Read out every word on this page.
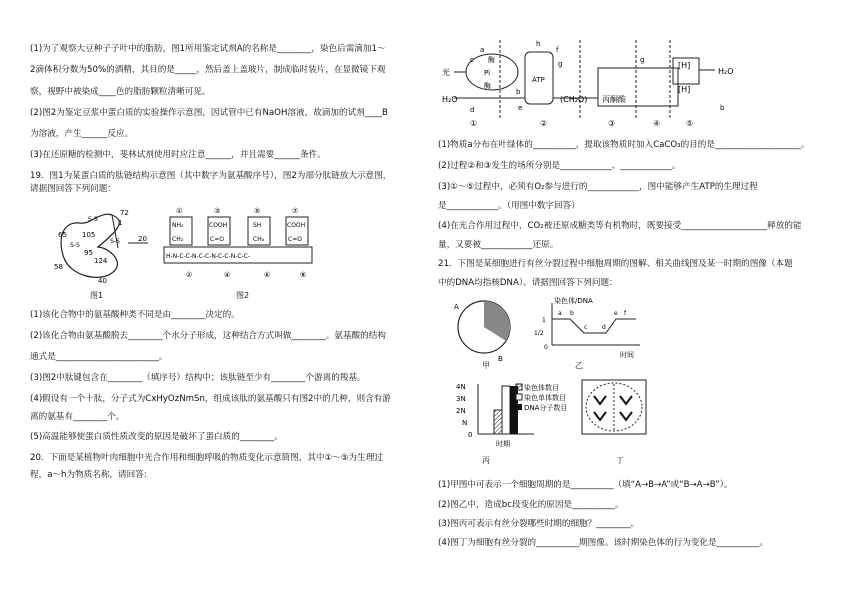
(1)为了观察大豆种子子叶中的脂肪，图1所用鉴定试剂A的名称是________，染色后需滴加1～
2滴体积分数为50%的酒精，其目的是_____，然后盖上盖玻片，制成临时装片，在显微镜下观
察，视野中被染成____色的脂肪颗粒清晰可见。
(2)图2为鉴定豆浆中蛋白质的实验操作示意图，因试管中已有NaOH溶液，故滴加的试剂____B
为溶液，产生______反应。
(3)在还原糖的检测中，斐林试剂使用时应注意______，并且需要______条件。
19．图1为某蛋白质的肽链结构示意图（其中数字为氨基酸序号），图2为部分肽链放大示意图，
请据图回答下列问题：
72
1
65 105	20
95
124
58
40
S-S
S-S
S-S
图1
①	③	⑤	⑦
NH₂	COOH	SH	COOH
CH₂	C=O	CH₃	C=O
H-N-C-C-N-C-C-N-C-C-N-C-C-
②	④	⑥	⑧
图2
(1)该化合物中的氨基酸种类不同是由________决定的。
(2)该化合物由氨基酸脱去________个水分子形成，这种结合方式叫做________。氨基酸的结构
通式是________________________。
(3)图2中肽键包含在________（填序号）结构中；该肽链至少有________个游离的羧基。
(4)假设有一个十肽，分子式为CxHyOzNmSn，组成该肽的氨基酸只有图2中的几种，则含有游
离的氨基有________个。
(5)高温能够使蛋白质性质改变的原因是破坏了蛋白质的________。
20．下面是某植物叶肉细胞中光合作用和细胞呼吸的物质变化示意简图，其中①～⑤为生理过
程，a～h为物质名称，请回答:
光
H₂O
Pi
酶
酶
(CH₂O) 丙酮酸
[H]
[H]
H₂O
ATP
a
b
c
d	e
f
g
h
b
g
①	②	③	④	⑤
(1)物质a分布在叶绿体的__________，提取该物质时加入CaCO₃的目的是____________________。
(2)过程②和③发生的场所分别是____________、____________。
(3)①～⑤过程中，必须有O₂参与进行的____________，图中能够产生ATP的生理过程
是____________。（用图中数字回答）
(4)在光合作用过程中，CO₂被还原成糖类等有机物时，既要接受____________________释放的能
量，又要被____________还原。
21．下图是某细胞进行有丝分裂过程中细胞周期的图解、相关曲线图及某一时期的图像（本题
中的DNA均指核DNA）。请据图回答下列问题：
A
B
甲
染色体/DNA
时间
1
1/2
0
a b
c d
e f
乙
4N
3N
2N
N
0
时期
染色体数目
染色单体数目
DNA分子数目
丙	丁
(1)甲图中可表示一个细胞周期的是__________（填“A→B→A”或“B→A→B”）。
(2)图乙中，造成bc段变化的原因是__________。
(3)图丙可表示有丝分裂哪些时期的细胞？________。
(4)图丁为细胞有丝分裂的__________期图像。该时期染色体的行为变化是__________。
